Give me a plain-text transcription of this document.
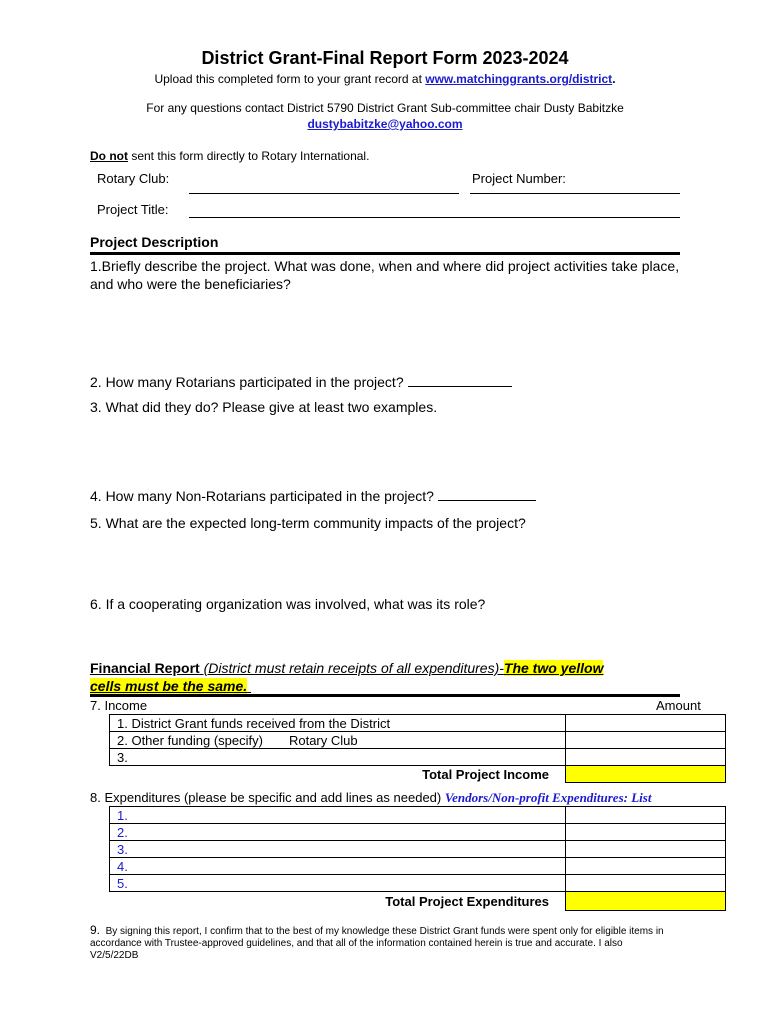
District Grant-Final Report Form 2023-2024
Upload this completed form to your grant record at www.matchinggrants.org/district.
For any questions contact District 5790 District Grant Sub-committee chair Dusty Babitzke
dustybabitzke@yahoo.com
Do not sent this form directly to Rotary International.
Rotary Club:	Project Number:
Project Title:
Project Description
1.Briefly describe the project. What was done, when and where did project activities take place, and who were the beneficiaries?
2. How many Rotarians participated in the project?
3. What did they do? Please give at least two examples.
4. How many Non-Rotarians participated in the project?
5. What are the expected long-term community impacts of the project?
6. If a cooperating organization was involved, what was its role?
Financial Report (District must retain receipts of all expenditures)-The two yellow
cells must be the same.
7. Income	Amount
1. District Grant funds received from the District	
2. Other funding (specify) Rotary Club	
3.	
Total Project Income	
8. Expenditures (please be specific and add lines as needed) Vendors/Non-profit Expenditures: List
1.	
2.	
3.	
4.	
5.	
Total Project Expenditures	
9. By signing this report, I confirm that to the best of my knowledge these District Grant funds were spent only for eligible items in accordance with Trustee-approved guidelines, and that all of the information contained herein is true and accurate. I also
V2/5/22DB
